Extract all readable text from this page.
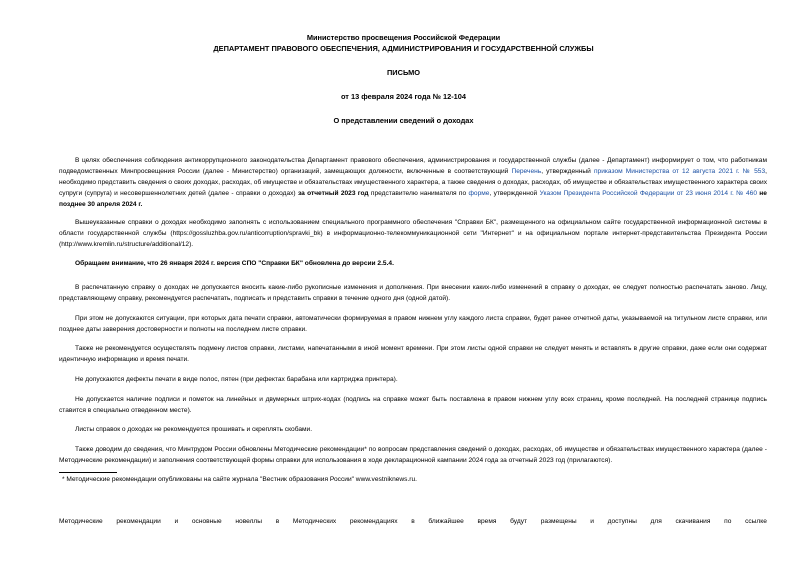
Министерство просвещения Российской Федерации
ДЕПАРТАМЕНТ ПРАВОВОГО ОБЕСПЕЧЕНИЯ, АДМИНИСТРИРОВАНИЯ И ГОСУДАРСТВЕННОЙ СЛУЖБЫ
ПИСЬМО
от 13 февраля 2024 года № 12-104
О представлении сведений о доходах
В целях обеспечения соблюдения антикоррупционного законодательства Департамент правового обеспечения, администрирования и государственной службы (далее - Департамент) информирует о том, что работникам подведомственных Минпросвещения России (далее - Министерство) организаций, замещающих должности, включенные в соответствующий Перечень, утвержденный приказом Министерства от 12 августа 2021 г. № 553, необходимо представить сведения о своих доходах, расходах, об имуществе и обязательствах имущественного характера, а также сведения о доходах, расходах, об имуществе и обязательствах имущественного характера своих супруги (супруга) и несовершеннолетних детей (далее - справки о доходах) за отчетный 2023 год представителю нанимателя по форме, утвержденной Указом Президента Российской Федерации от 23 июня 2014 г. № 460 не позднее 30 апреля 2024 г.
Вышеуказанные справки о доходах необходимо заполнять с использованием специального программного обеспечения "Справки БК", размещенного на официальном сайте государственной информационной системы в области государственной службы (https://gossluzhba.gov.ru/anticorruption/spravki_bk) в информационно-телекоммуникационной сети "Интернет" и на официальном портале интернет-представительства Президента России (http://www.kremlin.ru/structure/additional/12).
Обращаем внимание, что 26 января 2024 г. версия СПО "Справки БК" обновлена до версии 2.5.4.
В распечатанную справку о доходах не допускается вносить какие-либо рукописные изменения и дополнения. При внесении каких-либо изменений в справку о доходах, ее следует полностью распечатать заново. Лицу, представляющему справку, рекомендуется распечатать, подписать и представить справки в течение одного дня (одной датой).
При этом не допускаются ситуации, при которых дата печати справки, автоматически формируемая в правом нижнем углу каждого листа справки, будет ранее отчетной даты, указываемой на титульном листе справки, или позднее даты заверения достоверности и полноты на последнем листе справки.
Также не рекомендуется осуществлять подмену листов справки, листами, напечатанными в иной момент времени. При этом листы одной справки не следует менять и вставлять в другие справки, даже если они содержат идентичную информацию и время печати.
Не допускаются дефекты печати в виде полос, пятен (при дефектах барабана или картриджа принтера).
Не допускается наличие подписи и пометок на линейных и двумерных штрих-кодах (подпись на справке может быть поставлена в правом нижнем углу всех страниц, кроме последней. На последней странице подпись ставится в специально отведенном месте).
Листы справок о доходах не рекомендуется прошивать и скреплять скобами.
Также доводим до сведения, что Минтрудом России обновлены Методические рекомендации* по вопросам представления сведений о доходах, расходах, об имуществе и обязательствах имущественного характера (далее - Методические рекомендации) и заполнения соответствующей формы справки для использования в ходе декларационной кампании 2024 года за отчетный 2023 год (прилагаются).
* Методические рекомендации опубликованы на сайте журнала "Вестник образования России" www.vestniknews.ru.
Методические рекомендации и основные новеллы в Методических рекомендациях в ближайшее время будут размещены и доступны для скачивания по ссылке
